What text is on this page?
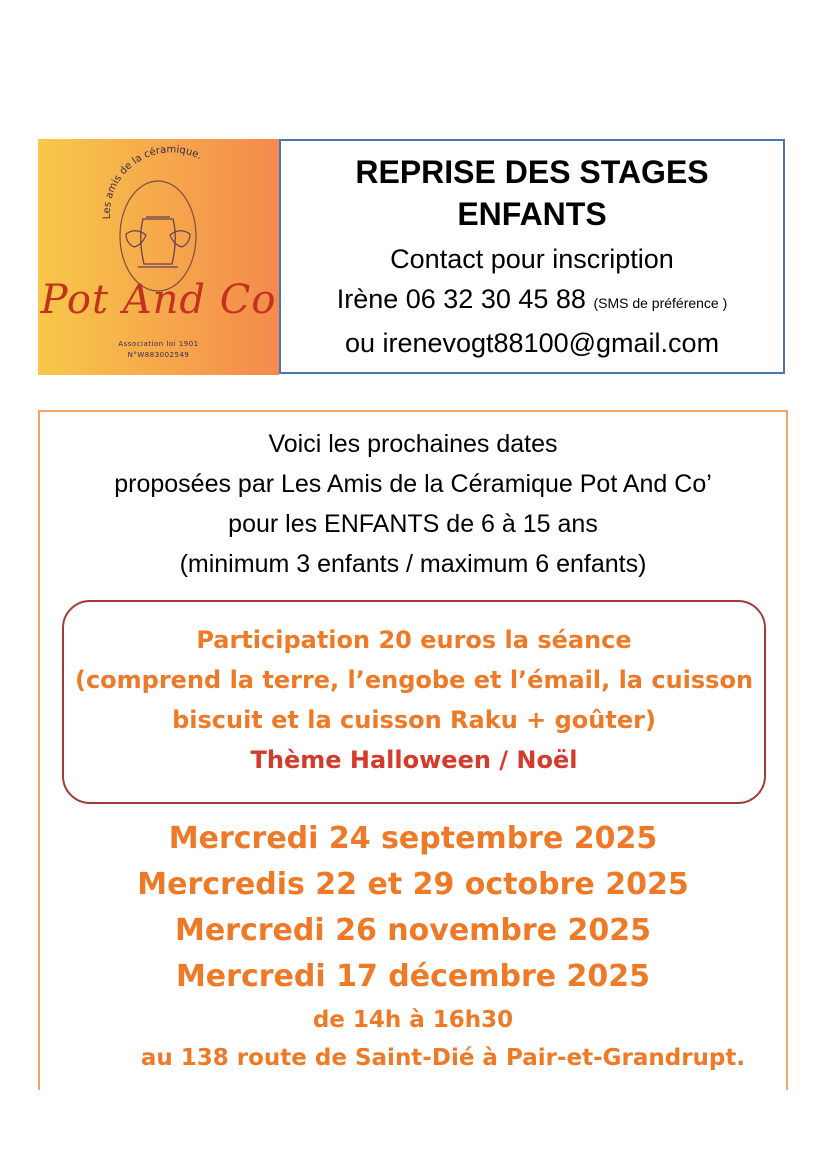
Les amis de la céramique.
Pot And Co
Association loi 1901
N°W883002549
REPRISE DES STAGES
ENFANTS
Contact pour inscription
Irène 06 32 30 45 88 (SMS de préférence )
ou irenevogt88100@gmail.com
Voici les prochaines dates
proposées par Les Amis de la Céramique Pot And Co’
pour les ENFANTS de 6 à 15 ans
(minimum 3 enfants / maximum 6 enfants)
Participation 20 euros la séance
(comprend la terre, l’engobe et l’émail, la cuisson
biscuit et la cuisson Raku + goûter)
Thème Halloween / Noël
Mercredi 24 septembre 2025
Mercredis 22 et 29 octobre 2025
Mercredi 26 novembre 2025
Mercredi 17 décembre 2025
de 14h à 16h30
au 138 route de Saint-Dié à Pair-et-Grandrupt.
